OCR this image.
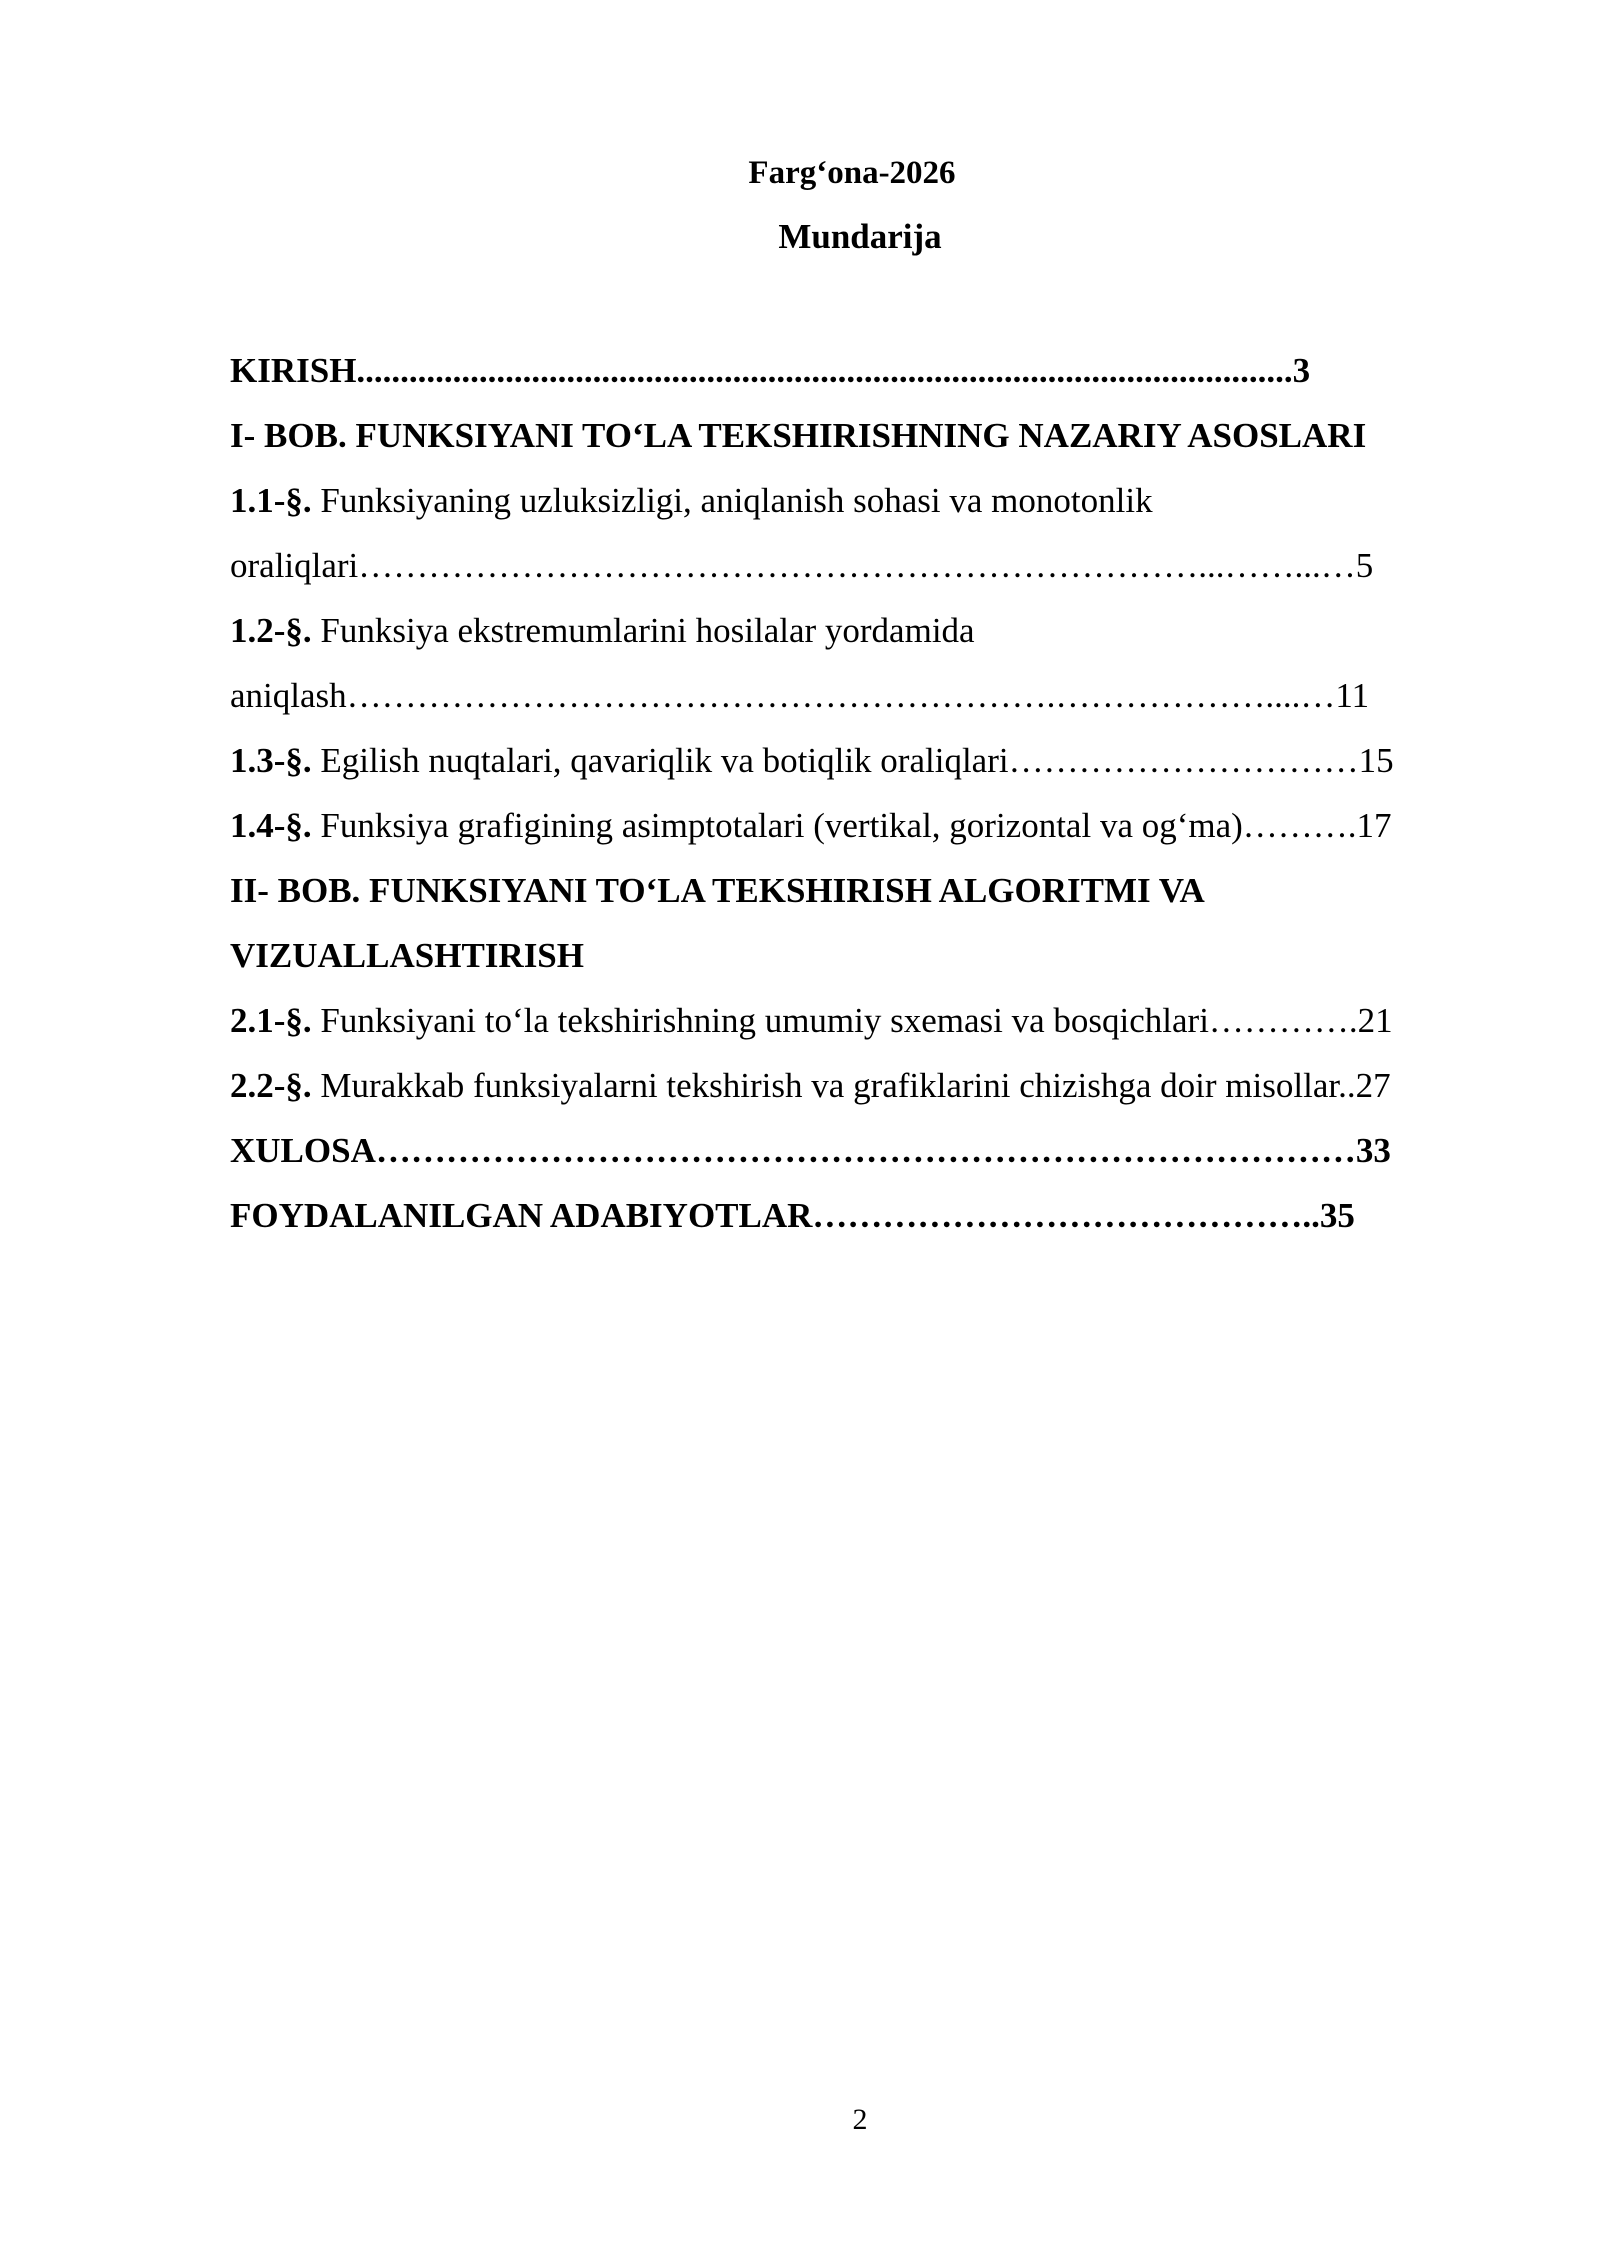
Farg‘ona-2026
Mundarija
KIRISH...........................................................................................................3
I- BOB. FUNKSIYANI TO‘LA TEKSHIRISHNING NAZARIY ASOSLARI
1.1-§. Funksiyaning uzluksizligi, aniqlanish sohasi va monotonlik
oraliqlari………………………………………………………………...……...…5
1.2-§. Funksiya ekstremumlarini hosilalar yordamida
aniqlash…………………………………………………….………………....…11
1.3-§. Egilish nuqtalari, qavariqlik va botiqlik oraliqlari…………………………15
1.4-§. Funksiya grafigining asimptotalari (vertikal, gorizontal va og‘ma)……….17
II- BOB. FUNKSIYANI TO‘LA TEKSHIRISH ALGORITMI VA
VIZUALLASHTIRISH
2.1-§. Funksiyani to‘la tekshirishning umumiy sxemasi va bosqichlari………….21
2.2-§. Murakkab funksiyalarni tekshirish va grafiklarini chizishga doir misollar..27
XULOSA…………………………………………………………………………33
FOYDALANILGAN ADABIYOTLAR……………………………………..35
2
